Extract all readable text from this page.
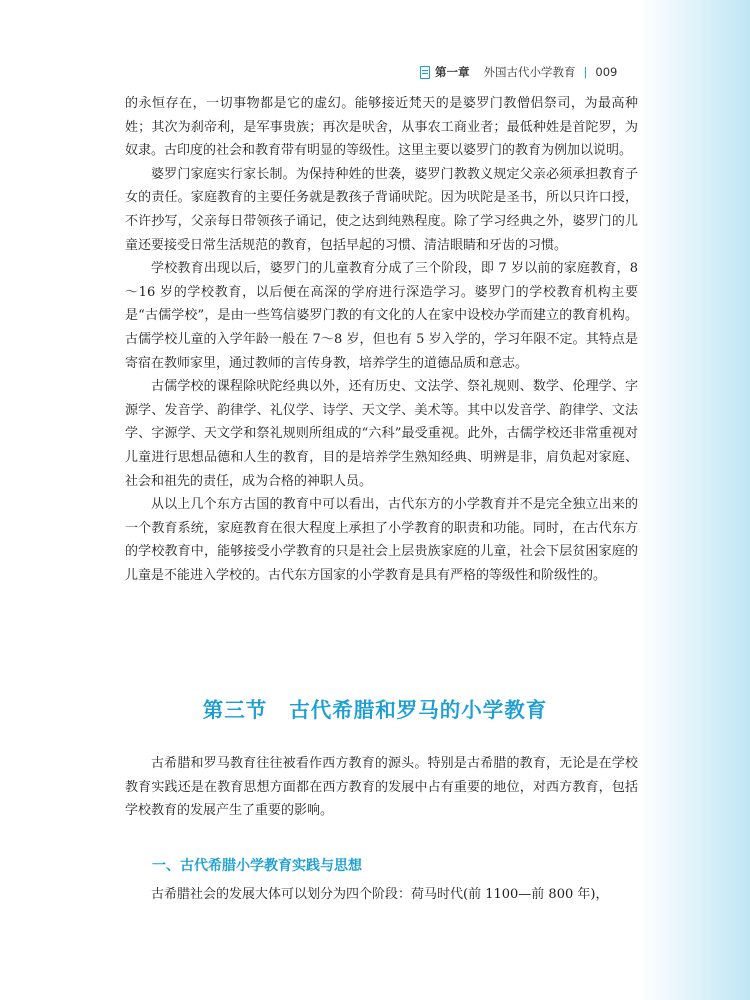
第一章 外国古代小学教育 | 009

的永恒存在，一切事物都是它的虚幻。能够接近梵天的是婆罗门教僧侣祭司，为最高种姓；其次为刹帝利，是军事贵族；再次是吠舍，从事农工商业者；最低种姓是首陀罗，为奴隶。古印度的社会和教育带有明显的等级性。这里主要以婆罗门的教育为例加以说明。

婆罗门家庭实行家长制。为保持种姓的世袭，婆罗门教教义规定父亲必须承担教育子女的责任。家庭教育的主要任务就是教孩子背诵吠陀。因为吠陀是圣书，所以只许口授，不许抄写，父亲每日带领孩子诵记，使之达到纯熟程度。除了学习经典之外，婆罗门的儿童还要接受日常生活规范的教育，包括早起的习惯、清洁眼睛和牙齿的习惯。

学校教育出现以后，婆罗门的儿童教育分成了三个阶段，即 7 岁以前的家庭教育，8～16 岁的学校教育，以后便在高深的学府进行深造学习。婆罗门的学校教育机构主要是“古儒学校”，是由一些笃信婆罗门教的有文化的人在家中设校办学而建立的教育机构。古儒学校儿童的入学年龄一般在 7～8 岁，但也有 5 岁入学的，学习年限不定。其特点是寄宿在教师家里，通过教师的言传身教，培养学生的道德品质和意志。

古儒学校的课程除吠陀经典以外，还有历史、文法学、祭礼规则、数学、伦理学、字源学、发音学、韵律学、礼仪学、诗学、天文学、美术等。其中以发音学、韵律学、文法学、字源学、天文学和祭礼规则所组成的“六科”最受重视。此外，古儒学校还非常重视对儿童进行思想品德和人生的教育，目的是培养学生熟知经典、明辨是非，肩负起对家庭、社会和祖先的责任，成为合格的神职人员。

从以上几个东方古国的教育中可以看出，古代东方的小学教育并不是完全独立出来的一个教育系统，家庭教育在很大程度上承担了小学教育的职责和功能。同时，在古代东方的学校教育中，能够接受小学教育的只是社会上层贵族家庭的儿童，社会下层贫困家庭的儿童是不能进入学校的。古代东方国家的小学教育是具有严格的等级性和阶级性的。

第三节 古代希腊和罗马的小学教育

古希腊和罗马教育往往被看作西方教育的源头。特别是古希腊的教育，无论是在学校教育实践还是在教育思想方面都在西方教育的发展中占有重要的地位，对西方教育，包括学校教育的发展产生了重要的影响。

一、古代希腊小学教育实践与思想

古希腊社会的发展大体可以划分为四个阶段：荷马时代(前 1100—前 800 年)，
